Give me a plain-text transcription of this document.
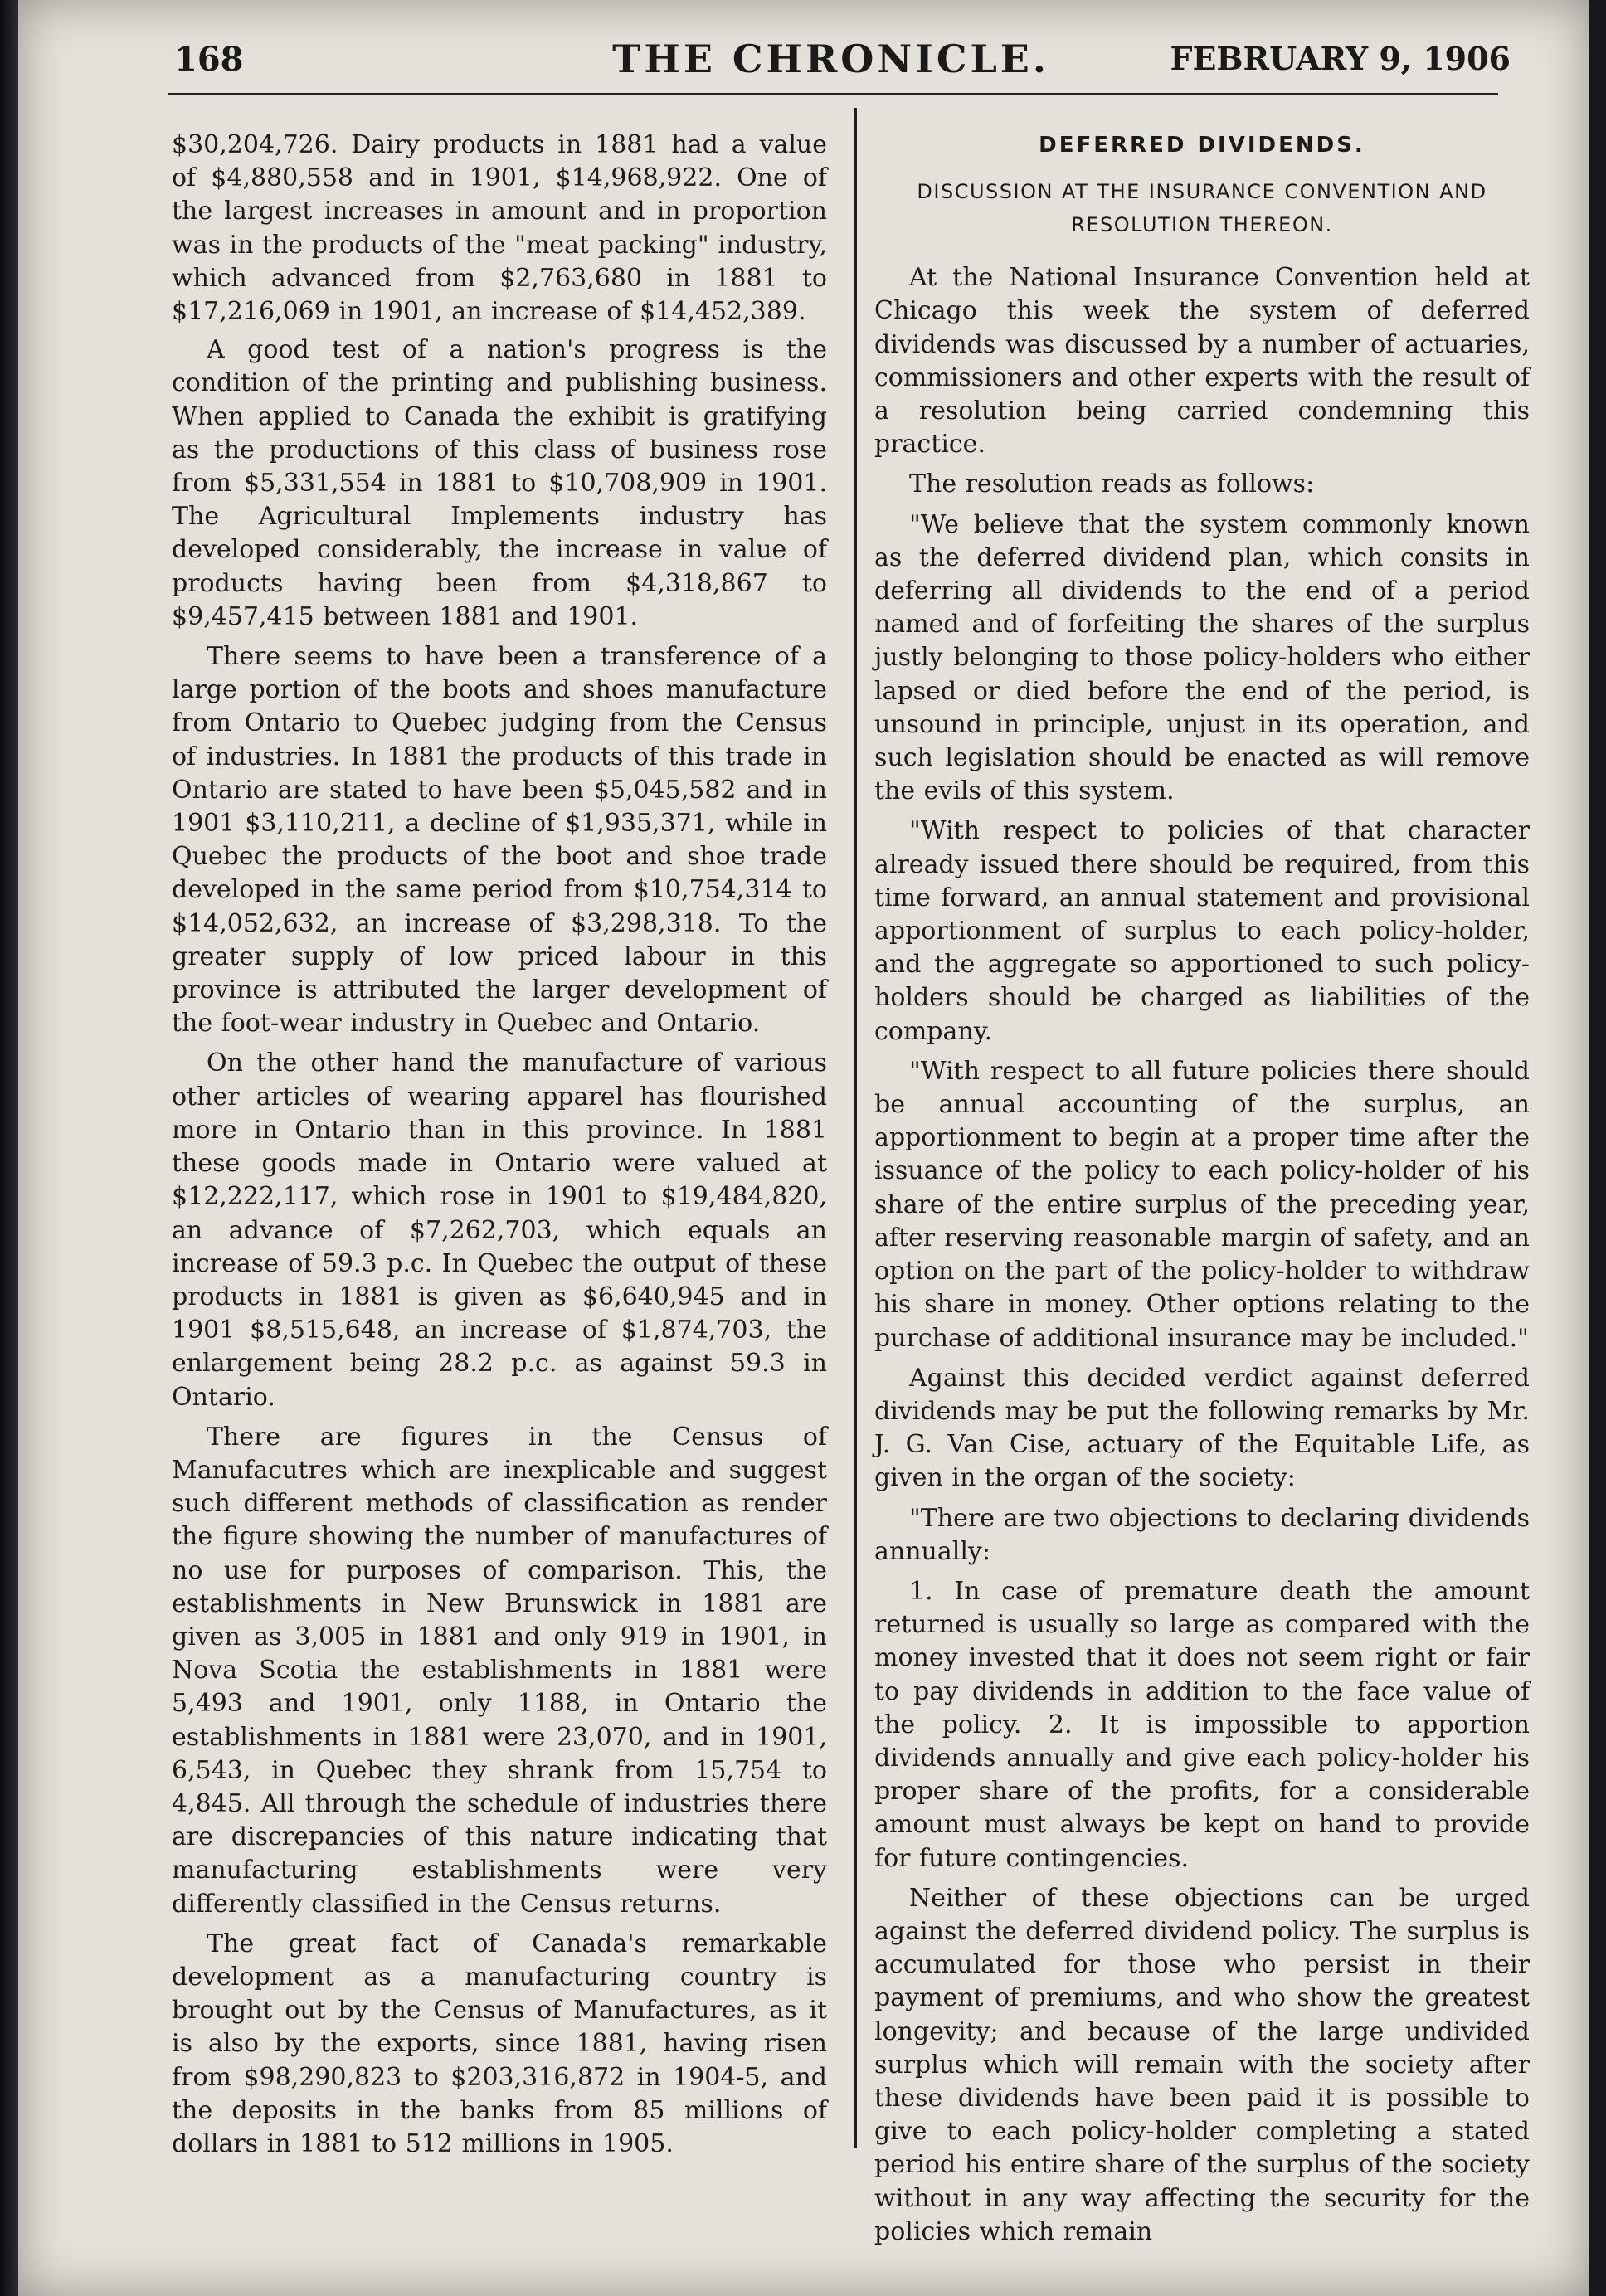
168	THE CHRONICLE.	FEBRUARY 9, 1906

$30,204,726. Dairy products in 1881 had a value of $4,880,558 and in 1901, $14,968,922. One of the largest increases in amount and in proportion was in the products of the "meat packing" industry, which advanced from $2,763,680 in 1881 to $17,216,069 in 1901, an increase of $14,452,389.

A good test of a nation's progress is the condition of the printing and publishing business. When applied to Canada the exhibit is gratifying as the productions of this class of business rose from $5,331,554 in 1881 to $10,708,909 in 1901. The Agricultural Implements industry has developed considerably, the increase in value of products having been from $4,318,867 to $9,457,415 between 1881 and 1901.

There seems to have been a transference of a large portion of the boots and shoes manufacture from Ontario to Quebec judging from the Census of industries. In 1881 the products of this trade in Ontario are stated to have been $5,045,582 and in 1901 $3,110,211, a decline of $1,935,371, while in Quebec the products of the boot and shoe trade developed in the same period from $10,754,314 to $14,052,632, an increase of $3,298,318. To the greater supply of low priced labour in this province is attributed the larger development of the foot-wear industry in Quebec and Ontario.

On the other hand the manufacture of various other articles of wearing apparel has flourished more in Ontario than in this province. In 1881 these goods made in Ontario were valued at $12,222,117, which rose in 1901 to $19,484,820, an advance of $7,262,703, which equals an increase of 59.3 p.c. In Quebec the output of these products in 1881 is given as $6,640,945 and in 1901 $8,515,648, an increase of $1,874,703, the enlargement being 28.2 p.c. as against 59.3 in Ontario.

There are figures in the Census of Manufacutres which are inexplicable and suggest such different methods of classification as render the figure showing the number of manufactures of no use for purposes of comparison. This, the establishments in New Brunswick in 1881 are given as 3,005 in 1881 and only 919 in 1901, in Nova Scotia the establishments in 1881 were 5,493 and 1901, only 1188, in Ontario the establishments in 1881 were 23,070, and in 1901, 6,543, in Quebec they shrank from 15,754 to 4,845. All through the schedule of industries there are discrepancies of this nature indicating that manufacturing establishments were very differently classified in the Census returns.

The great fact of Canada's remarkable development as a manufacturing country is brought out by the Census of Manufactures, as it is also by the exports, since 1881, having risen from $98,290,823 to $203,316,872 in 1904-5, and the deposits in the banks from 85 millions of dollars in 1881 to 512 millions in 1905.

DEFERRED DIVIDENDS.
DISCUSSION AT THE INSURANCE CONVENTION AND RESOLUTION THEREON.

At the National Insurance Convention held at Chicago this week the system of deferred dividends was discussed by a number of actuaries, commissioners and other experts with the result of a resolution being carried condemning this practice.

The resolution reads as follows:

"We believe that the system commonly known as the deferred dividend plan, which consits in deferring all dividends to the end of a period named and of forfeiting the shares of the surplus justly belonging to those policy-holders who either lapsed or died before the end of the period, is unsound in principle, unjust in its operation, and such legislation should be enacted as will remove the evils of this system.

"With respect to policies of that character already issued there should be required, from this time forward, an annual statement and provisional apportionment of surplus to each policy-holder, and the aggregate so apportioned to such policy-holders should be charged as liabilities of the company.

"With respect to all future policies there should be annual accounting of the surplus, an apportionment to begin at a proper time after the issuance of the policy to each policy-holder of his share of the entire surplus of the preceding year, after reserving reasonable margin of safety, and an option on the part of the policy-holder to withdraw his share in money. Other options relating to the purchase of additional insurance may be included."

Against this decided verdict against deferred dividends may be put the following remarks by Mr. J. G. Van Cise, actuary of the Equitable Life, as given in the organ of the society:

"There are two objections to declaring dividends annually:

1. In case of premature death the amount returned is usually so large as compared with the money invested that it does not seem right or fair to pay dividends in addition to the face value of the policy. 2. It is impossible to apportion dividends annually and give each policy-holder his proper share of the profits, for a considerable amount must always be kept on hand to provide for future contingencies.

Neither of these objections can be urged against the deferred dividend policy. The surplus is accumulated for those who persist in their payment of premiums, and who show the greatest longevity; and because of the large undivided surplus which will remain with the society after these dividends have been paid it is possible to give to each policy-holder completing a stated period his entire share of the surplus of the society without in any way affecting the security for the policies which remain
